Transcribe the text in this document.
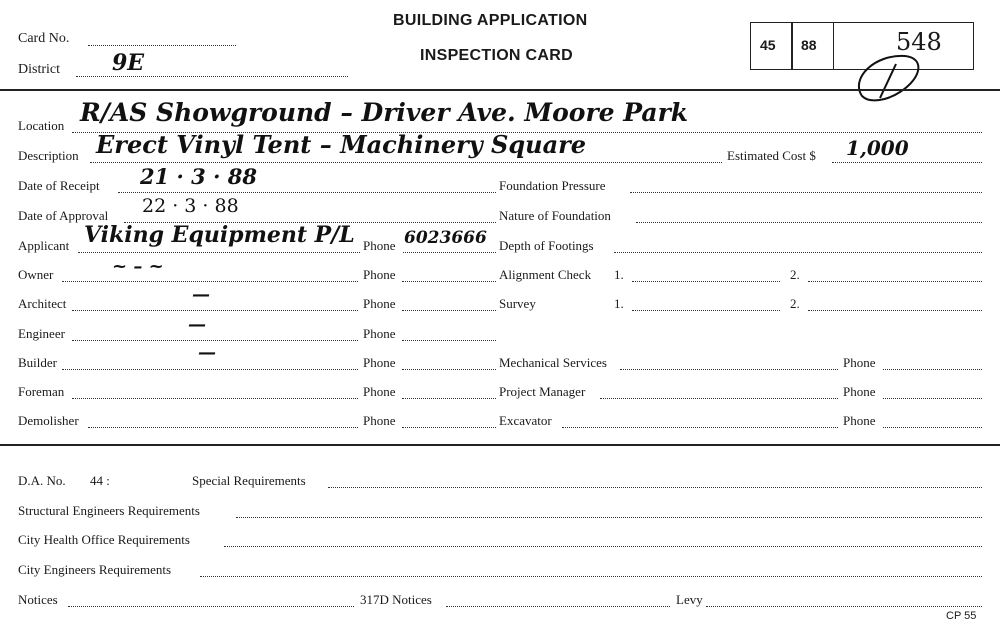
Card No.
District 9E
BUILDING APPLICATION
INSPECTION CARD
45 88	548
Location R/AS Showground – Driver Ave. Moore Park
Description Erect Vinyl Tent – Machinery Square	Estimated Cost $ 1,000
Date of Receipt 21 · 3 · 88
Date of Approval 22 · 3 · 88
Applicant Viking Equipment P/L Phone 6023666
Owner	~ – ~	Phone
Architect	—	Phone
Engineer	—	Phone
Builder	—	Phone
Foreman	Phone
Demolisher	Phone
Foundation Pressure
Nature of Foundation
Depth of Footings
Alignment Check 1.	2.
Survey	1.	2.
Mechanical Services	Phone
Project Manager	Phone
Excavator	Phone
D.A. No. 44 :	Special Requirements
Structural Engineers Requirements
City Health Office Requirements
City Engineers Requirements
Notices	317D Notices	Levy
CP 55
